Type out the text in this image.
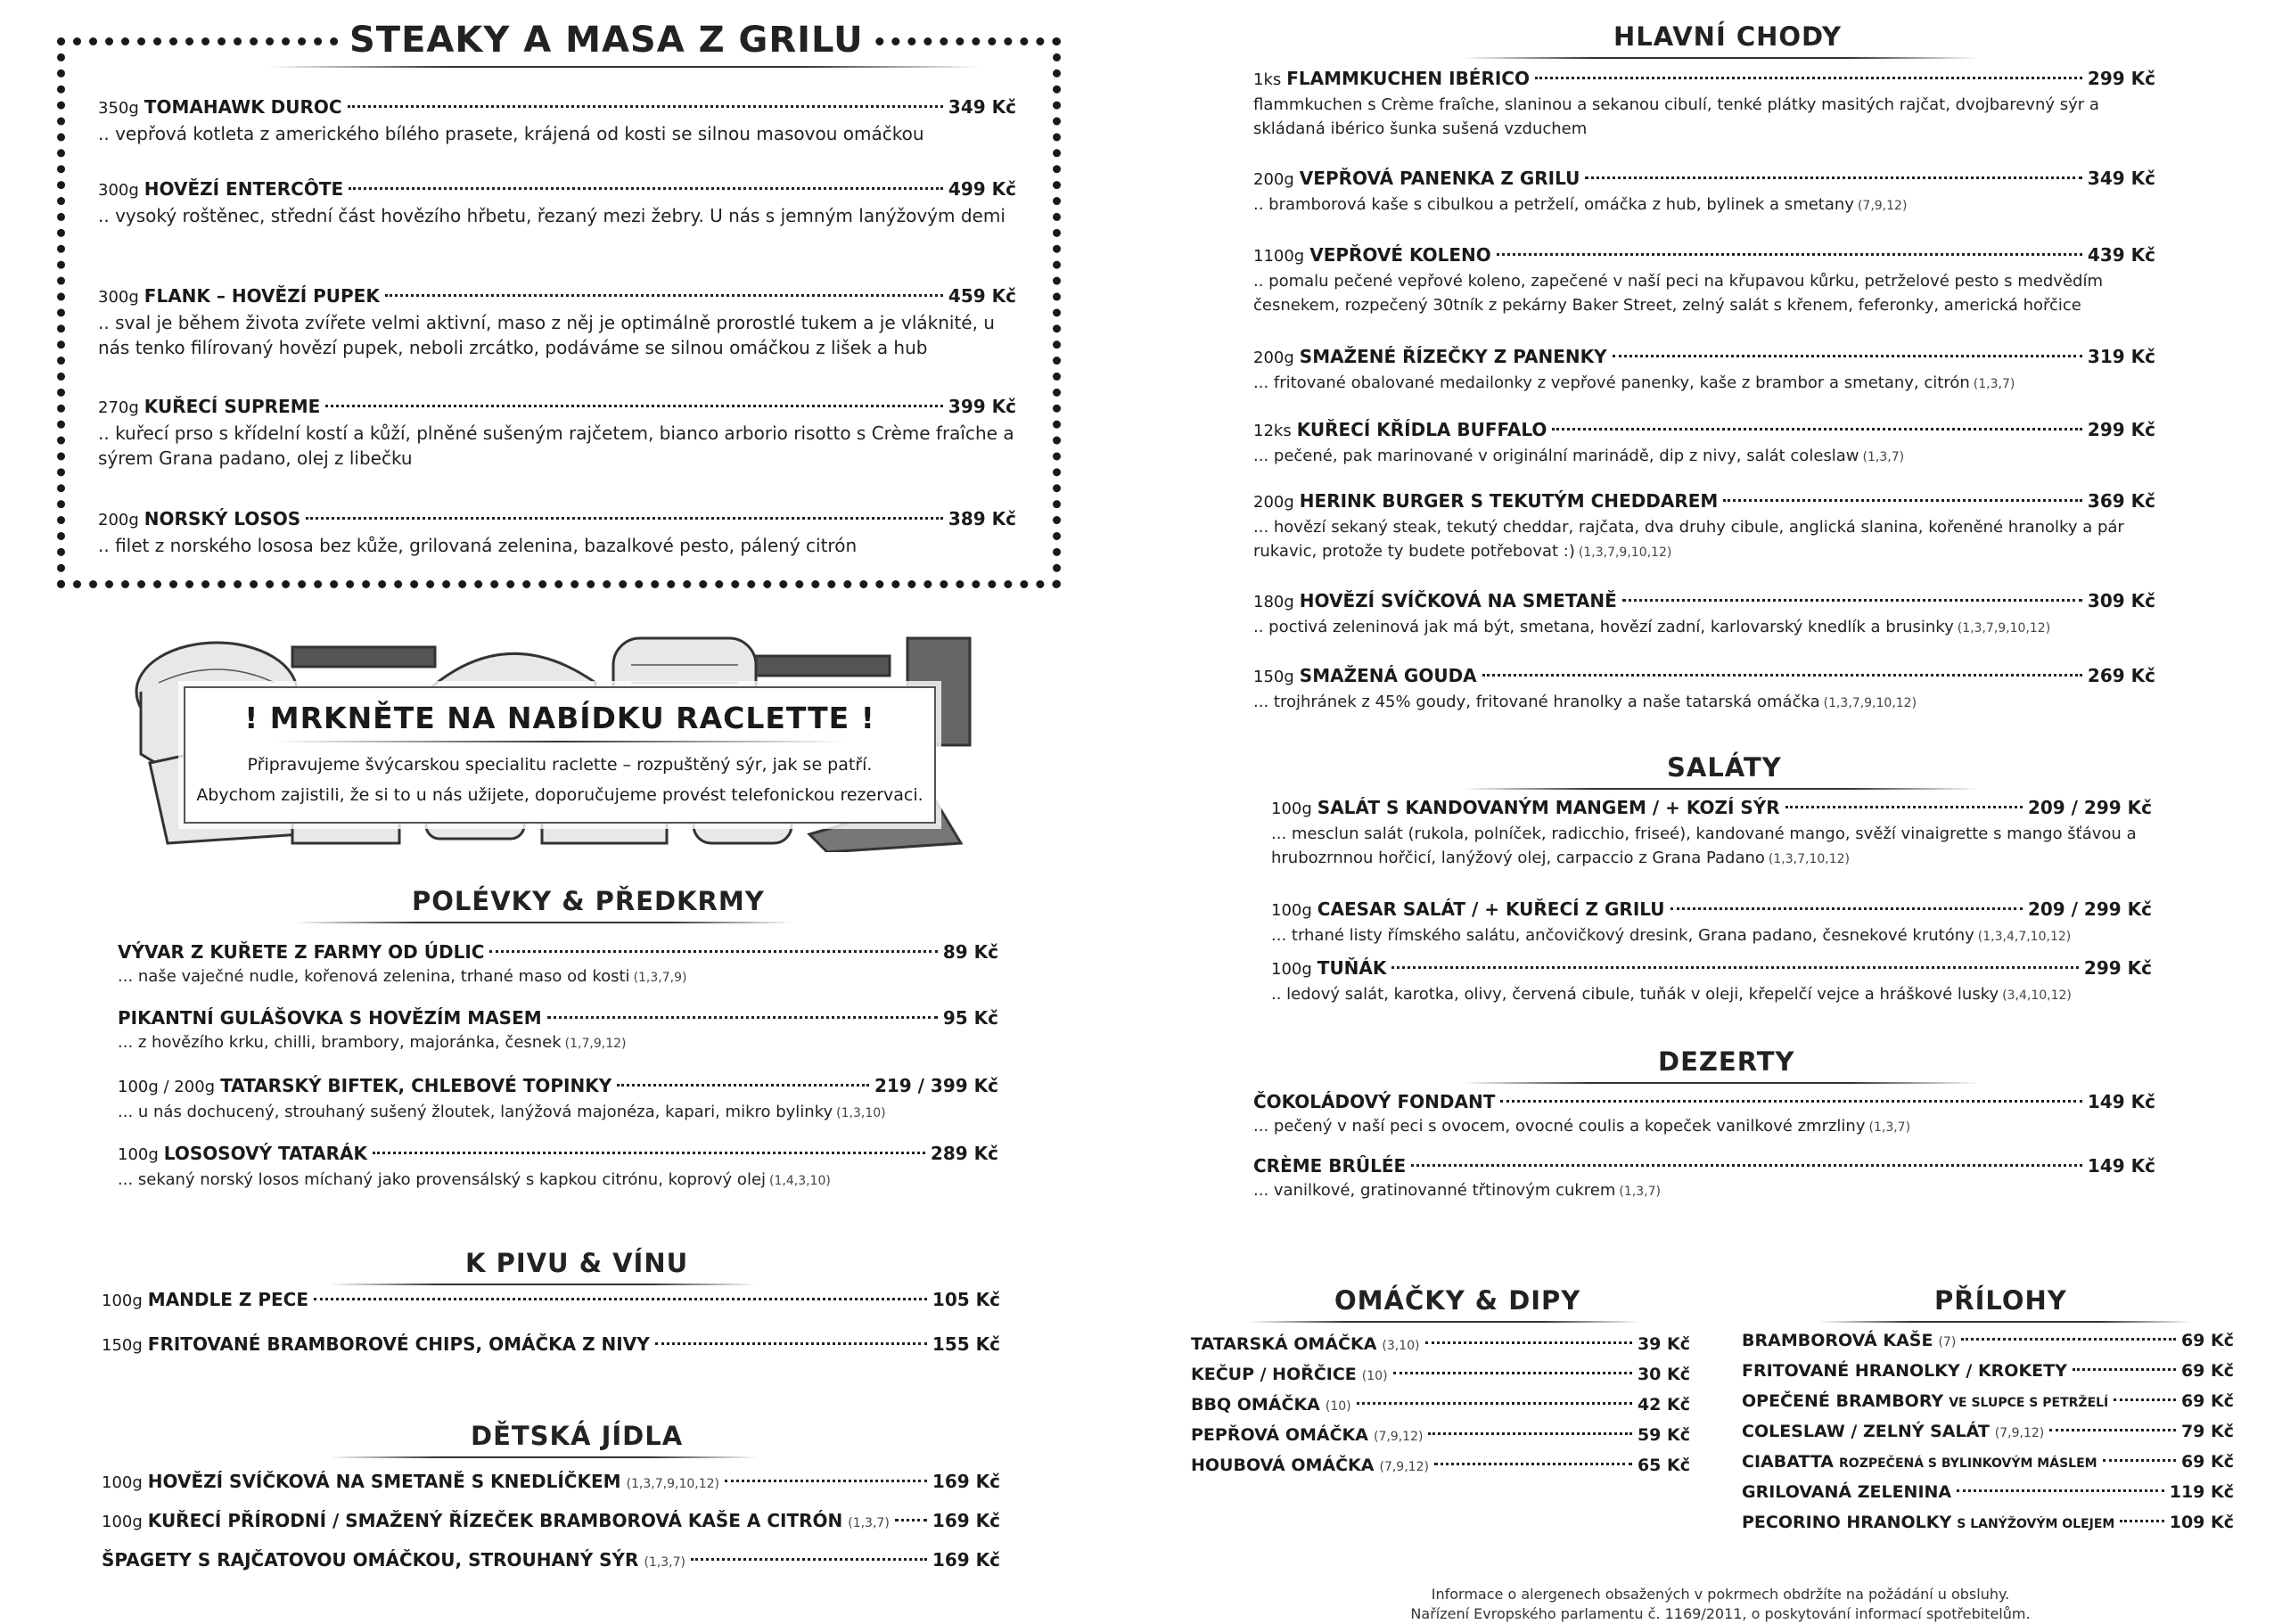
STEAKY A MASA Z GRILU
350g TOMAHAWK DUROC	349 Kč
.. vepřová kotleta z amerického bílého prasete, krájená od kosti se silnou masovou omáčkou
300g HOVĚZÍ ENTERCÔTE	499 Kč
.. vysoký roštěnec, střední část hovězího hřbetu, řezaný mezi žebry. U nás s jemným lanýžovým demi
300g FLANK – HOVĚZÍ PUPEK	459 Kč
.. sval je během života zvířete velmi aktivní, maso z něj je optimálně prorostlé tukem a je vláknité, u nás tenko filírovaný hovězí pupek, neboli zrcátko, podáváme se silnou omáčkou z lišek a hub
270g KUŘECÍ SUPREME	399 Kč
.. kuřecí prso s křídelní kostí a kůží, plněné sušeným rajčetem, bianco arborio risotto s Crème fraîche a sýrem Grana padano, olej z libečku
200g NORSKÝ LOSOS	389 Kč
.. filet z norského lososa bez kůže, grilovaná zelenina, bazalkové pesto, pálený citrón
! MRKNĚTE NA NABÍDKU RACLETTE !
Připravujeme švýcarskou specialitu raclette – rozpuštěný sýr, jak se patří.
Abychom zajistili, že si to u nás užijete, doporučujeme provést telefonickou rezervaci.
POLÉVKY & PŘEDKRMY
VÝVAR Z KUŘETE Z FARMY OD ÚDLIC	89 Kč
... naše vaječné nudle, kořenová zelenina, trhané maso od kosti (1,3,7,9)
PIKANTNÍ GULÁŠOVKA S HOVĚZÍM MASEM	95 Kč
... z hovězího krku, chilli, brambory, majoránka, česnek (1,7,9,12)
100g / 200g TATARSKÝ BIFTEK, CHLEBOVÉ TOPINKY	219 / 399 Kč
... u nás dochucený, strouhaný sušený žloutek, lanýžová majonéza, kapari, mikro bylinky (1,3,10)
100g LOSOSOVÝ TATARÁK	289 Kč
... sekaný norský losos míchaný jako provensálský s kapkou citrónu, koprový olej (1,4,3,10)
K PIVU & VÍNU
100g MANDLE Z PECE	105 Kč
150g FRITOVANÉ BRAMBOROVÉ CHIPS, OMÁČKA Z NIVY	155 Kč
DĚTSKÁ JÍDLA
100g HOVĚZÍ SVÍČKOVÁ NA SMETANĚ S KNEDLÍČKEM (1,3,7,9,10,12)	169 Kč
100g KUŘECÍ PŘÍRODNÍ / SMAŽENÝ ŘÍZEČEK BRAMBOROVÁ KAŠE A CITRÓN (1,3,7) 169 Kč
ŠPAGETY S RAJČATOVOU OMÁČKOU, STROUHANÝ SÝR (1,3,7)	169 Kč
HLAVNÍ CHODY
1ks FLAMMKUCHEN IBÉRICO	299 Kč
flammkuchen s Crème fraîche, slaninou a sekanou cibulí, tenké plátky masitých rajčat, dvojbarevný sýr a skládaná ibérico šunka sušená vzduchem
200g VEPŘOVÁ PANENKA Z GRILU	349 Kč
.. bramborová kaše s cibulkou a petrželí, omáčka z hub, bylinek a smetany (7,9,12)
1100g VEPŘOVÉ KOLENO	439 Kč
.. pomalu pečené vepřové koleno, zapečené v naší peci na křupavou kůrku, petrželové pesto s medvědím česnekem, rozpečený 30tník z pekárny Baker Street, zelný salát s křenem, feferonky, americká hořčice
200g SMAŽENÉ ŘÍZEČKY Z PANENKY	319 Kč
... fritované obalované medailonky z vepřové panenky, kaše z brambor a smetany, citrón (1,3,7)
12ks KUŘECÍ KŘÍDLA BUFFALO	299 Kč
... pečené, pak marinované v originální marinádě, dip z nivy, salát coleslaw (1,3,7)
200g HERINK BURGER S TEKUTÝM CHEDDAREM	369 Kč
... hovězí sekaný steak, tekutý cheddar, rajčata, dva druhy cibule, anglická slanina, kořeněné hranolky a pár rukavic, protože ty budete potřebovat :) (1,3,7,9,10,12)
180g HOVĚZÍ SVÍČKOVÁ NA SMETANĚ	309 Kč
.. poctivá zeleninová jak má být, smetana, hovězí zadní, karlovarský knedlík a brusinky (1,3,7,9,10,12)
150g SMAŽENÁ GOUDA	269 Kč
... trojhránek z 45% goudy, fritované hranolky a naše tatarská omáčka (1,3,7,9,10,12)
SALÁTY
100g SALÁT S KANDOVANÝM MANGEM / + KOZÍ SÝR	209 / 299 Kč
... mesclun salát (rukola, polníček, radicchio, friseé), kandované mango, svěží vinaigrette s mango šťávou a hrubozrnnou hořčicí, lanýžový olej, carpaccio z Grana Padano (1,3,7,10,12)
100g CAESAR SALÁT / + KUŘECÍ Z GRILU	209 / 299 Kč
... trhané listy římského salátu, ančovičkový dresink, Grana padano, česnekové krutóny (1,3,4,7,10,12)
100g TUŇÁK	299 Kč
.. ledový salát, karotka, olivy, červená cibule, tuňák v oleji, křepelčí vejce a hráškové lusky (3,4,10,12)
DEZERTY
ČOKOLÁDOVÝ FONDANT	149 Kč
... pečený v naší peci s ovocem, ovocné coulis a kopeček vanilkové zmrzliny (1,3,7)
CRÈME BRÛLÉE	149 Kč
... vanilkové, gratinovanné třtinovým cukrem (1,3,7)
OMÁČKY & DIPY
TATARSKÁ OMÁČKA (3,10)	39 Kč
KEČUP / HOŘČICE (10)	30 Kč
BBQ OMÁČKA (10)	42 Kč
PEPŘOVÁ OMÁČKA (7,9,12)	59 Kč
HOUBOVÁ OMÁČKA (7,9,12)	65 Kč
PŘÍLOHY
BRAMBOROVÁ KAŠE (7)	69 Kč
FRITOVANÉ HRANOLKY / KROKETY	69 Kč
OPEČENÉ BRAMBORY VE SLUPCE S PETRŽELÍ	69 Kč
COLESLAW / ZELNÝ SALÁT (7,9,12)	79 Kč
CIABATTA ROZPEČENÁ S BYLINKOVÝM MÁSLEM	69 Kč
GRILOVANÁ ZELENINA	119 Kč
PECORINO HRANOLKY S LANÝŽOVÝM OLEJEM	109 Kč
Informace o alergenech obsažených v pokrmech obdržíte na požádání u obsluhy.
Nařízení Evropského parlamentu č. 1169/2011, o poskytování informací spotřebitelům.
